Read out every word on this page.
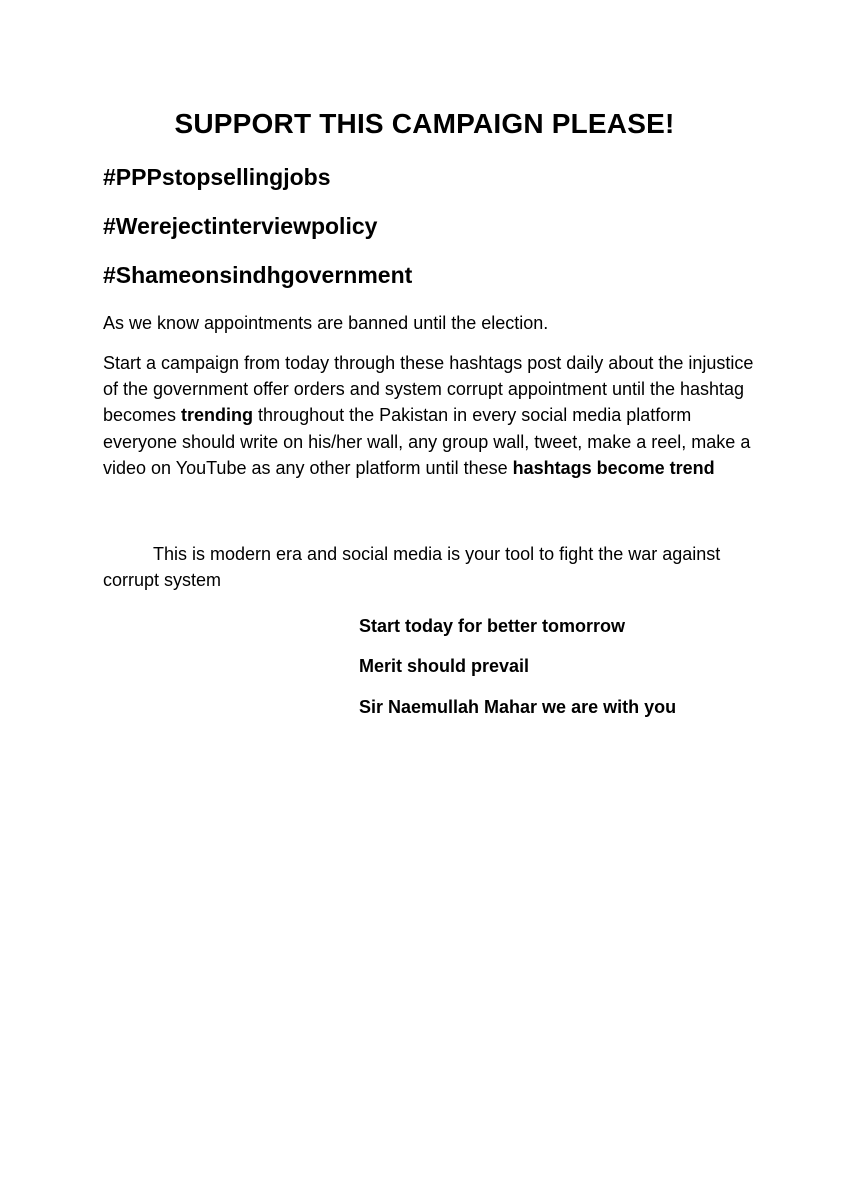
SUPPORT THIS CAMPAIGN PLEASE!
#PPPstopsellingjobs
#Werejectinterviewpolicy
#Shameonsindhgovernment

As we know appointments are banned until the election.

Start a campaign from today through these hashtags post daily about the injustice of the government offer orders and system corrupt appointment until the hashtag becomes trending throughout the Pakistan in every social media platform everyone should write on his/her wall, any group wall, tweet, make a reel, make a video on YouTube as any other platform until these hashtags become trend

This is modern era and social media is your tool to fight the war against corrupt system

Start today for better tomorrow
Merit should prevail
Sir Naemullah Mahar we are with you
